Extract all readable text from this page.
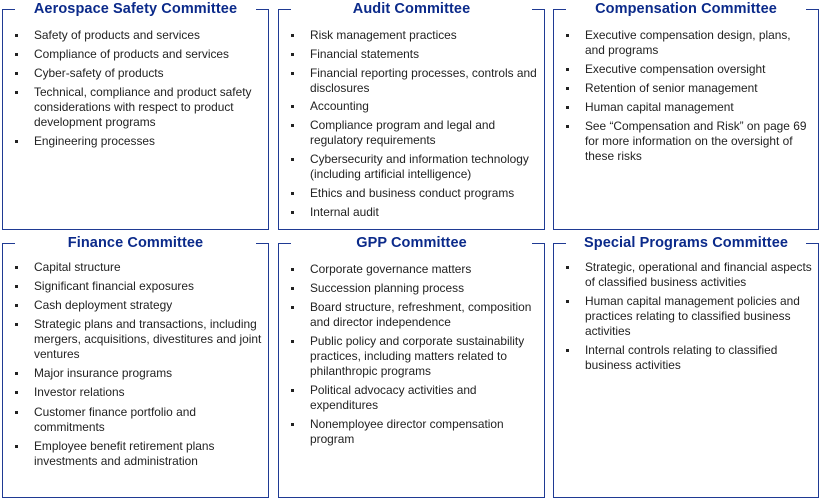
Aerospace Safety Committee
Safety of products and services
Compliance of products and services
Cyber-safety of products
Technical, compliance and product safety considerations with respect to product development programs
Engineering processes
Audit Committee
Risk management practices
Financial statements
Financial reporting processes, controls and disclosures
Accounting
Compliance program and legal and regulatory requirements
Cybersecurity and information technology (including artificial intelligence)
Ethics and business conduct programs
Internal audit
Compensation Committee
Executive compensation design, plans, and programs
Executive compensation oversight
Retention of senior management
Human capital management
See “Compensation and Risk” on page 69 for more information on the oversight of these risks
Finance Committee
Capital structure
Significant financial exposures
Cash deployment strategy
Strategic plans and transactions, including mergers, acquisitions, divestitures and joint ventures
Major insurance programs
Investor relations
Customer finance portfolio and commitments
Employee benefit retirement plans investments and administration
GPP Committee
Corporate governance matters
Succession planning process
Board structure, refreshment, composition and director independence
Public policy and corporate sustainability practices, including matters related to philanthropic programs
Political advocacy activities and expenditures
Nonemployee director compensation program
Special Programs Committee
Strategic, operational and financial aspects of classified business activities
Human capital management policies and practices relating to classified business activities
Internal controls relating to classified business activities
